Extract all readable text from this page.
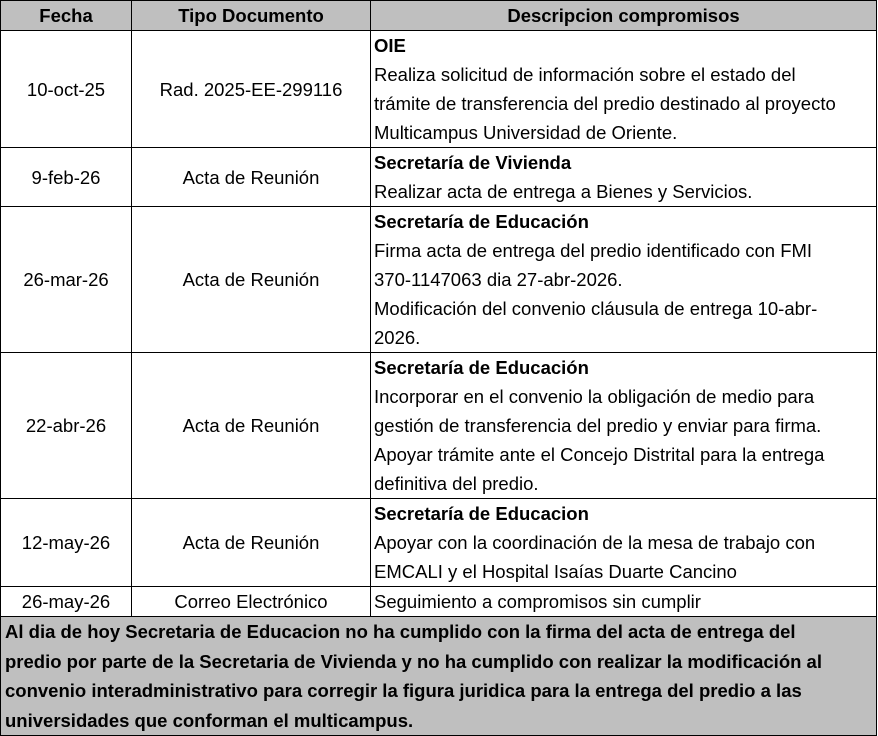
Fecha	Tipo Documento	Descripcion compromisos
10-oct-25	Rad. 2025-EE-299116	OIE
Realiza solicitud de información sobre el estado del
trámite de transferencia del predio destinado al proyecto
Multicampus Universidad de Oriente.

9-feb-26	Acta de Reunión	Secretaría de Vivienda
Realizar acta de entrega a Bienes y Servicios.

26-mar-26	Acta de Reunión	Secretaría de Educación
Firma acta de entrega del predio identificado con FMI
370-1147063 dia 27-abr-2026.
Modificación del convenio cláusula de entrega 10-abr-
2026.

22-abr-26	Acta de Reunión	Secretaría de Educación
Incorporar en el convenio la obligación de medio para
gestión de transferencia del predio y enviar para firma.
Apoyar trámite ante el Concejo Distrital para la entrega
definitiva del predio.

12-may-26	Acta de Reunión	Secretaría de Educacion
Apoyar con la coordinación de la mesa de trabajo con
EMCALI y el Hospital Isaías Duarte Cancino

26-may-26	Correo Electrónico	Seguimiento a compromisos sin cumplir

Al dia de hoy Secretaria de Educacion no ha cumplido con la firma del acta de entrega del
predio por parte de la Secretaria de Vivienda y no ha cumplido con realizar la modificación al
convenio interadministrativo para corregir la figura juridica para la entrega del predio a las
universidades que conforman el multicampus.		
